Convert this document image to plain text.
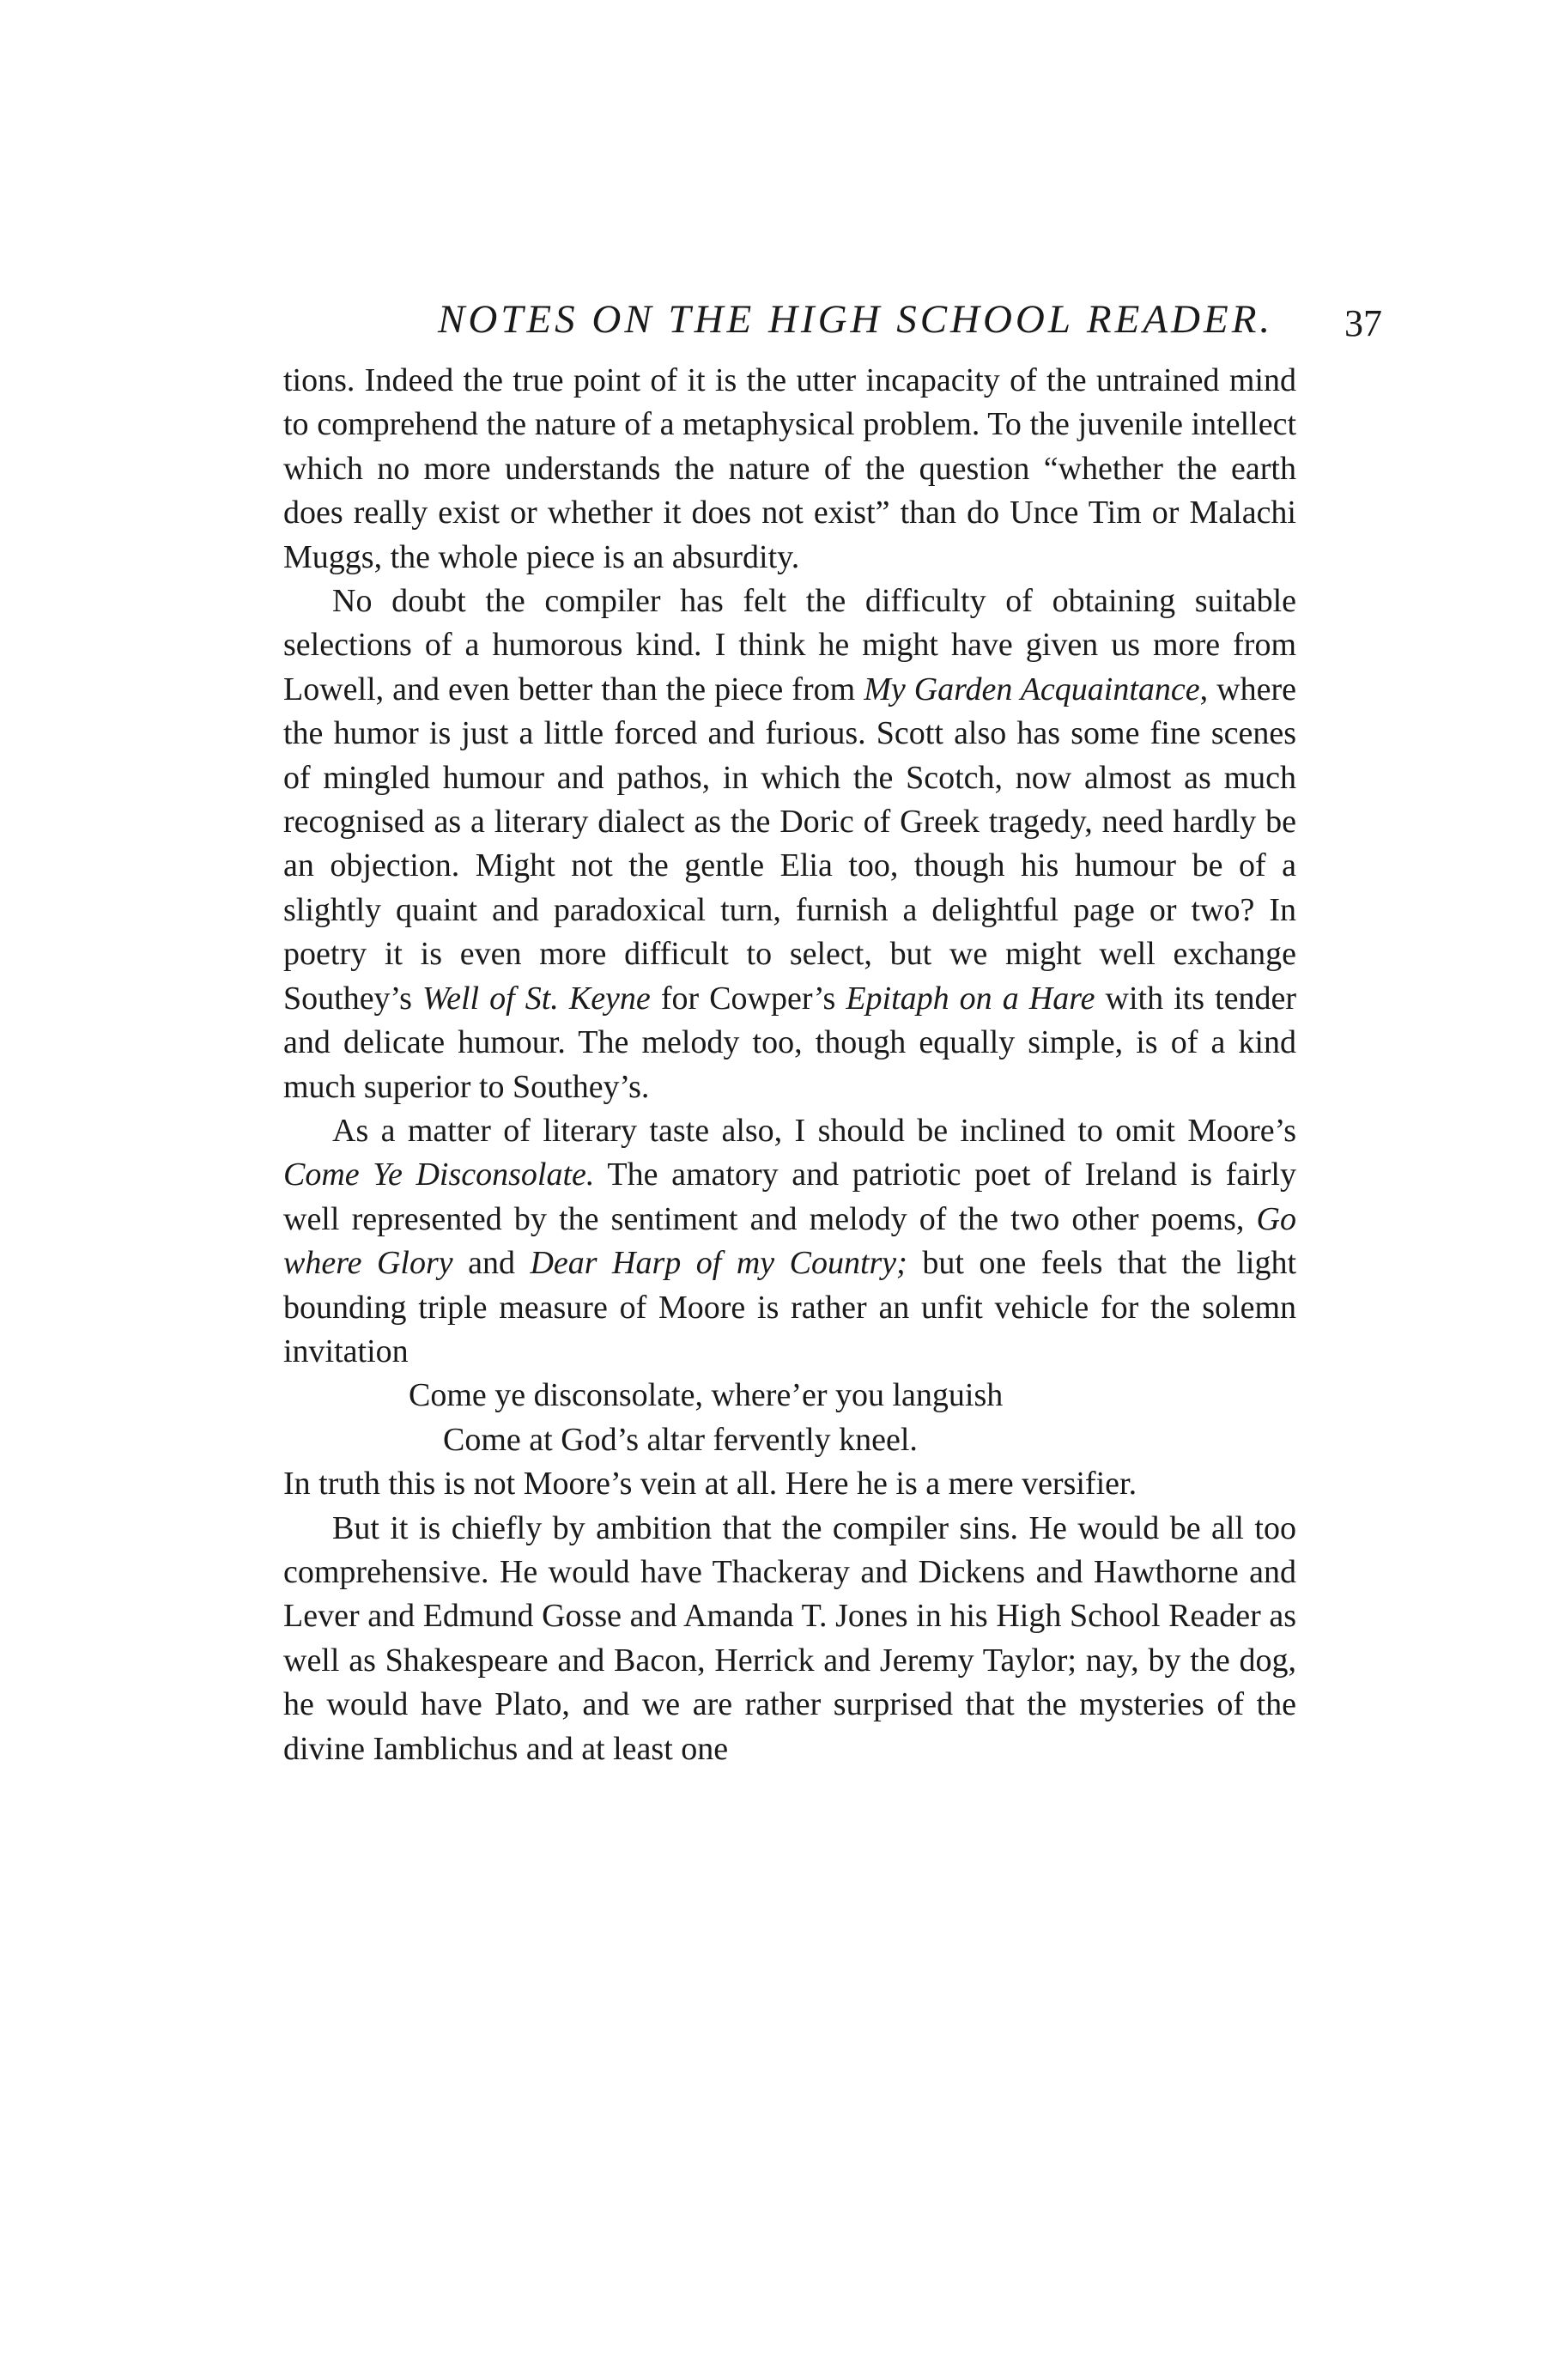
NOTES ON THE HIGH SCHOOL READER. 37

tions. Indeed the true point of it is the utter incapacity of the untrained mind to comprehend the nature of a metaphysical problem. To the juvenile intellect which no more understands the nature of the question “whether the earth does really exist or whether it does not exist” than do Unce Tim or Malachi Muggs, the whole piece is an absurdity.

No doubt the compiler has felt the difficulty of obtaining suitable selections of a humorous kind. I think he might have given us more from Lowell, and even better than the piece from My Garden Acquaintance, where the humor is just a little forced and furious. Scott also has some fine scenes of mingled humour and pathos, in which the Scotch, now almost as much recognised as a literary dialect as the Doric of Greek tragedy, need hardly be an objection. Might not the gentle Elia too, though his humour be of a slightly quaint and paradoxical turn, furnish a delightful page or two? In poetry it is even more difficult to select, but we might well exchange Southey’s Well of St. Keyne for Cowper’s Epitaph on a Hare with its tender and delicate humour. The melody too, though equally simple, is of a kind much superior to Southey’s.

As a matter of literary taste also, I should be inclined to omit Moore’s Come Ye Disconsolate. The amatory and patriotic poet of Ireland is fairly well represented by the sentiment and melody of the two other poems, Go where Glory and Dear Harp of my Country; but one feels that the light bounding triple measure of Moore is rather an unfit vehicle for the solemn invitation

Come ye disconsolate, where’er you languish
Come at God’s altar fervently kneel.

In truth this is not Moore’s vein at all. Here he is a mere versifier.

But it is chiefly by ambition that the compiler sins. He would be all too comprehensive. He would have Thackeray and Dickens and Hawthorne and Lever and Edmund Gosse and Amanda T. Jones in his High School Reader as well as Shakespeare and Bacon, Herrick and Jeremy Taylor; nay, by the dog, he would have Plato, and we are rather surprised that the mysteries of the divine Iamblichus and at least one
